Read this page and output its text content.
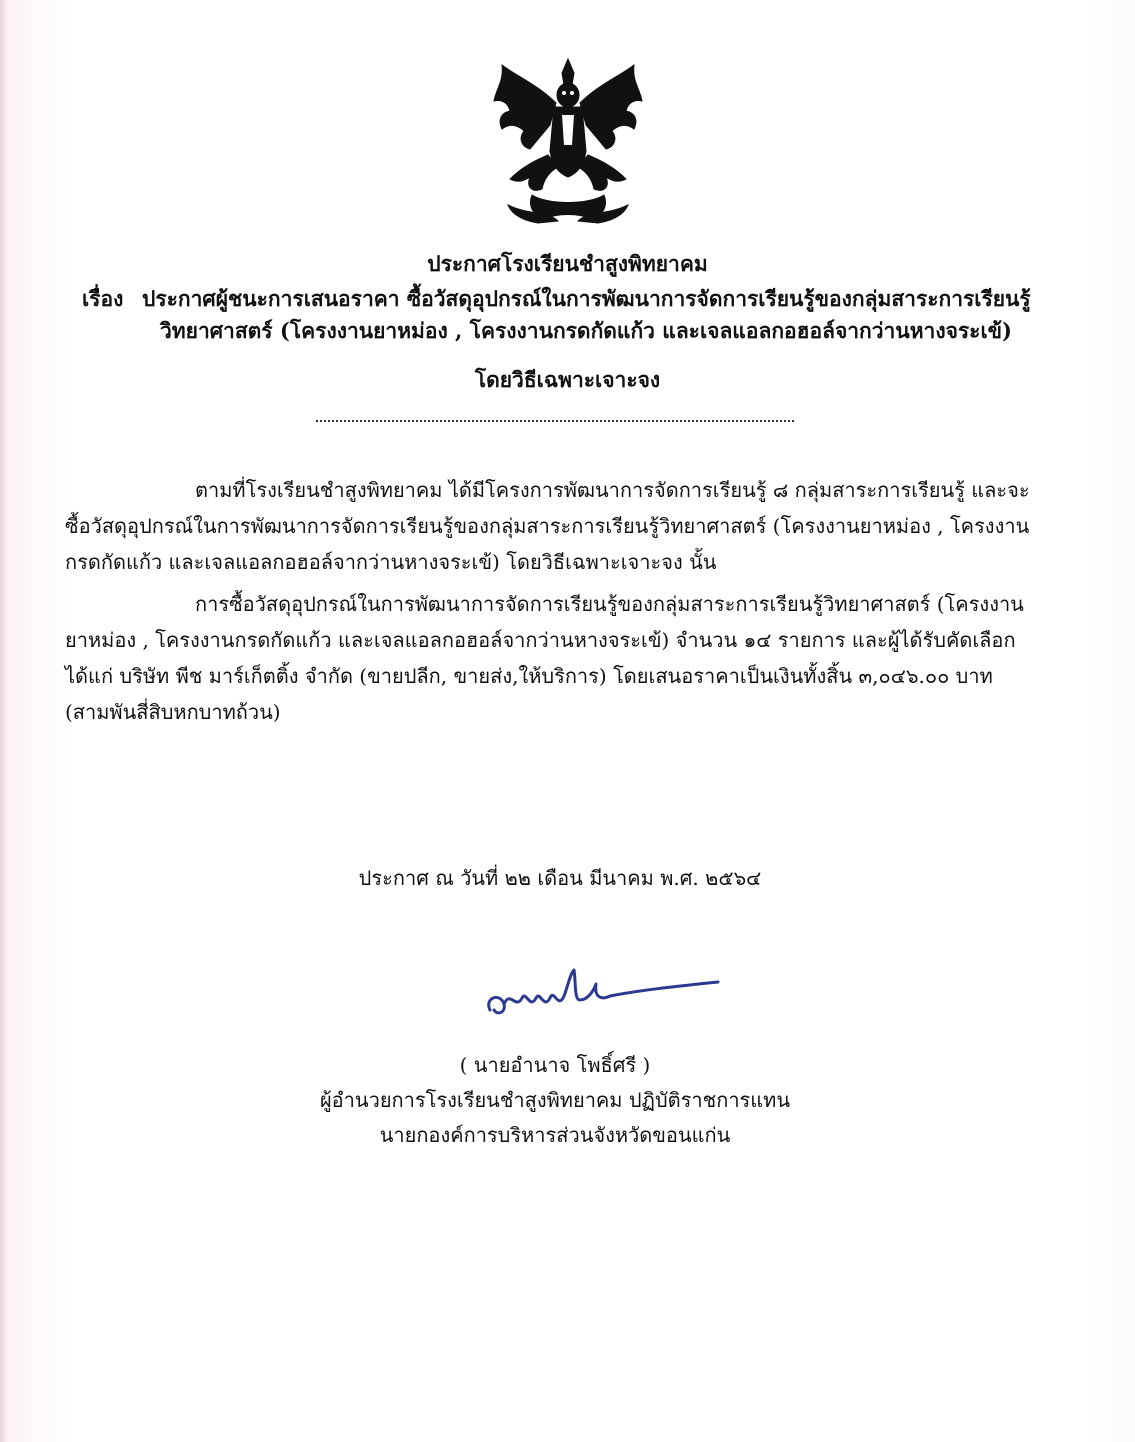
ประกาศโรงเรียนชำสูงพิทยาคม
เรื่อง ประกาศผู้ชนะการเสนอราคา ซื้อวัสดุอุปกรณ์ในการพัฒนาการจัดการเรียนรู้ของกลุ่มสาระการเรียนรู้
วิทยาศาสตร์ (โครงงานยาหม่อง , โครงงานกรดกัดแก้ว และเจลแอลกอฮอล์จากว่านหางจระเข้)
โดยวิธีเฉพาะเจาะจง

ตามที่โรงเรียนชำสูงพิทยาคม ได้มีโครงการพัฒนาการจัดการเรียนรู้ ๘ กลุ่มสาระการเรียนรู้ และจะซื้อวัสดุอุปกรณ์ในการพัฒนาการจัดการเรียนรู้ของกลุ่มสาระการเรียนรู้วิทยาศาสตร์ (โครงงานยาหม่อง , โครงงานกรดกัดแก้ว และเจลแอลกอฮอล์จากว่านหางจระเข้) โดยวิธีเฉพาะเจาะจง นั้น

การซื้อวัสดุอุปกรณ์ในการพัฒนาการจัดการเรียนรู้ของกลุ่มสาระการเรียนรู้วิทยาศาสตร์ (โครงงานยาหม่อง , โครงงานกรดกัดแก้ว และเจลแอลกอฮอล์จากว่านหางจระเข้) จำนวน ๑๔ รายการ และผู้ได้รับคัดเลือก ได้แก่ บริษัท พีช มาร์เก็ตติ้ง จำกัด (ขายปลีก, ขายส่ง,ให้บริการ) โดยเสนอราคาเป็นเงินทั้งสิ้น ๓,๐๔๖.๐๐ บาท (สามพันสี่สิบหกบาทถ้วน)

ประกาศ ณ วันที่ ๒๒ เดือน มีนาคม พ.ศ. ๒๕๖๔
( นายอำนาจ โพธิ์ศรี )
ผู้อำนวยการโรงเรียนชำสูงพิทยาคม ปฏิบัติราชการแทน
นายกองค์การบริหารส่วนจังหวัดขอนแก่น
